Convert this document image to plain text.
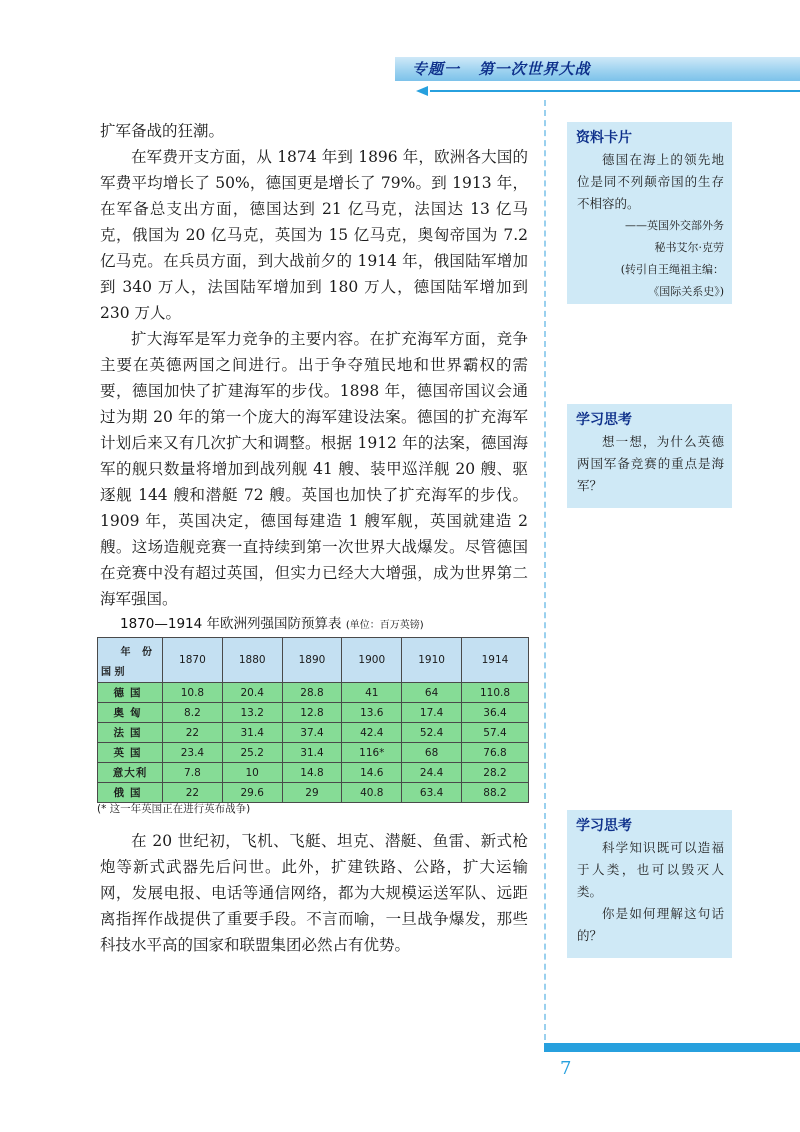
专题一   第一次世界大战

扩军备战的狂潮。

在军费开支方面，从 1874 年到 1896 年，欧洲各大国的军费平均增长了 50%，德国更是增长了 79%。到 1913 年，在军备总支出方面，德国达到 21 亿马克，法国达 13 亿马克，俄国为 20 亿马克，英国为 15 亿马克，奥匈帝国为 7.2 亿马克。在兵员方面，到大战前夕的 1914 年，俄国陆军增加到 340 万人，法国陆军增加到 180 万人，德国陆军增加到 230 万人。

扩大海军是军力竞争的主要内容。在扩充海军方面，竞争主要在英德两国之间进行。出于争夺殖民地和世界霸权的需要，德国加快了扩建海军的步伐。1898 年，德国帝国议会通过为期 20 年的第一个庞大的海军建设法案。德国的扩充海军计划后来又有几次扩大和调整。根据 1912 年的法案，德国海军的舰只数量将增加到战列舰 41 艘、装甲巡洋舰 20 艘、驱逐舰 144 艘和潜艇 72 艘。英国也加快了扩充海军的步伐。1909 年，英国决定，德国每建造 1 艘军舰，英国就建造 2 艘。这场造舰竞赛一直持续到第一次世界大战爆发。尽管德国在竞赛中没有超过英国，但实力已经大大增强，成为世界第二海军强国。

1870—1914 年欧洲列强国防预算表 (单位：百万英镑)
年 份
国 别	1870	1880	1890	1900	1910	1914
德国	10.8	20.4	28.8	41	64	110.8
奥匈	8.2	13.2	12.8	13.6	17.4	36.4
法国	22	31.4	37.4	42.4	52.4	57.4
英国	23.4	25.2	31.4	116*	68	76.8
意大利	7.8	10	14.8	14.6	24.4	28.2
俄国	22	29.6	29	40.8	63.4	88.2
(* 这一年英国正在进行英布战争)

在 20 世纪初，飞机、飞艇、坦克、潜艇、鱼雷、新式枪炮等新式武器先后问世。此外，扩建铁路、公路，扩大运输网，发展电报、电话等通信网络，都为大规模运送军队、远距离指挥作战提供了重要手段。不言而喻，一旦战争爆发，那些科技水平高的国家和联盟集团必然占有优势。

资料卡片

德国在海上的领先地位是同不列颠帝国的生存不相容的。

——英国外交部外务
秘书艾尔·克劳
(转引自王绳祖主编：
《国际关系史》)
学习思考

想一想，为什么英德两国军备竞赛的重点是海军？

学习思考

科学知识既可以造福于人类，也可以毁灭人类。

你是如何理解这句话的？

7
